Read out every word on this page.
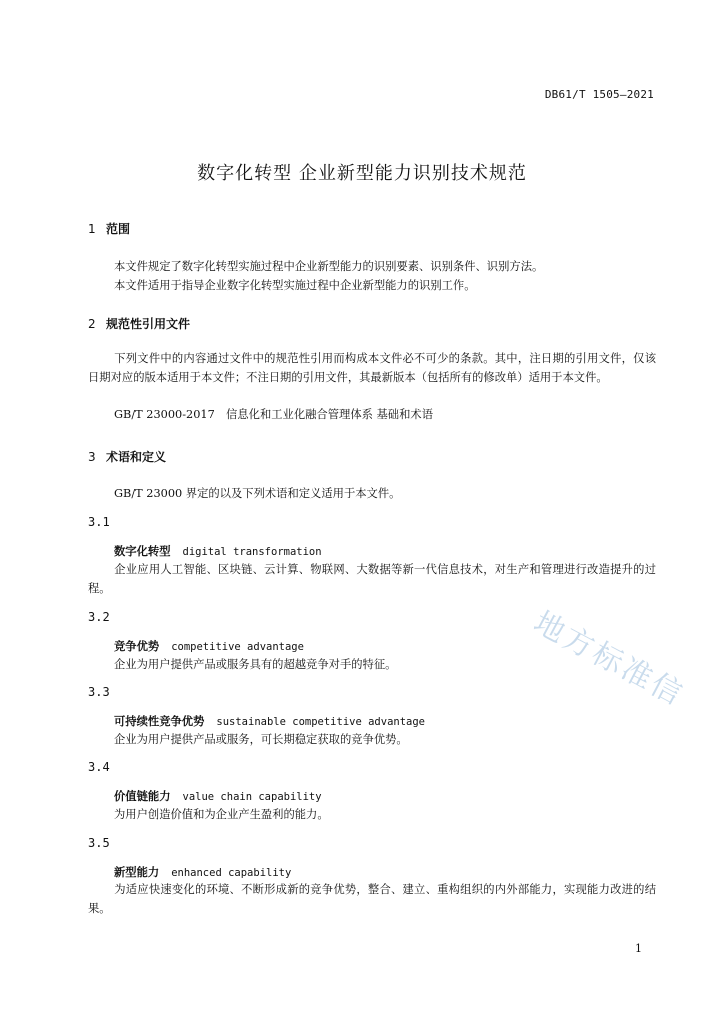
DB61/T 1505—2021
数字化转型 企业新型能力识别技术规范
1 范围
本文件规定了数字化转型实施过程中企业新型能力的识别要素、识别条件、识别方法。
本文件适用于指导企业数字化转型实施过程中企业新型能力的识别工作。
2 规范性引用文件
下列文件中的内容通过文件中的规范性引用而构成本文件必不可少的条款。其中，注日期的引用文件，仅该日期对应的版本适用于本文件；不注日期的引用文件，其最新版本（包括所有的修改单）适用于本文件。
GB/T 23000-2017　信息化和工业化融合管理体系 基础和术语
3 术语和定义
GB/T 23000 界定的以及下列术语和定义适用于本文件。
3.1
数字化转型 digital transformation
企业应用人工智能、区块链、云计算、物联网、大数据等新一代信息技术，对生产和管理进行改造提升的过程。
3.2
竞争优势 competitive advantage
企业为用户提供产品或服务具有的超越竞争对手的特征。
3.3
可持续性竞争优势 sustainable competitive advantage
企业为用户提供产品或服务，可长期稳定获取的竞争优势。
3.4
价值链能力 value chain capability
为用户创造价值和为企业产生盈利的能力。
3.5
新型能力 enhanced capability
为适应快速变化的环境、不断形成新的竞争优势，整合、建立、重构组织的内外部能力，实现能力改进的结果。
地方标准信
1
